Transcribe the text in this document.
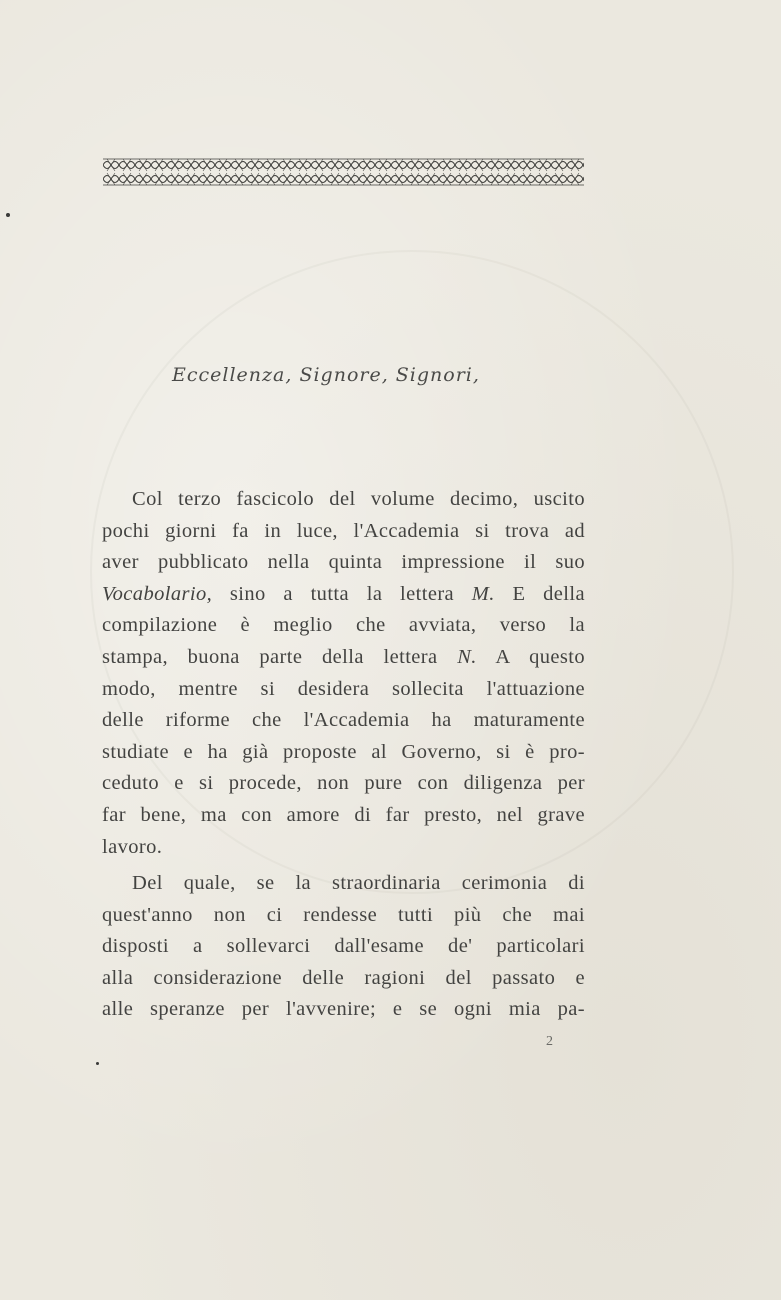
Eccellenza, Signore, Signori,

Col terzo fascicolo del volume decimo, uscito
pochi giorni fa in luce, l'Accademia si trova ad
aver pubblicato nella quinta impressione il suo
Vocabolario, sino a tutta la lettera M. E della
compilazione è meglio che avviata, verso la
stampa, buona parte della lettera N. A questo
modo, mentre si desidera sollecita l'attuazione
delle riforme che l'Accademia ha maturamente
studiate e ha già proposte al Governo, si è pro-
ceduto e si procede, non pure con diligenza per
far bene, ma con amore di far presto, nel grave
lavoro.

Del quale, se la straordinaria cerimonia di
quest'anno non ci rendesse tutti più che mai
disposti a sollevarci dall'esame de' particolari
alla considerazione delle ragioni del passato e
alle speranze per l'avvenire; e se ogni mia pa-

2
